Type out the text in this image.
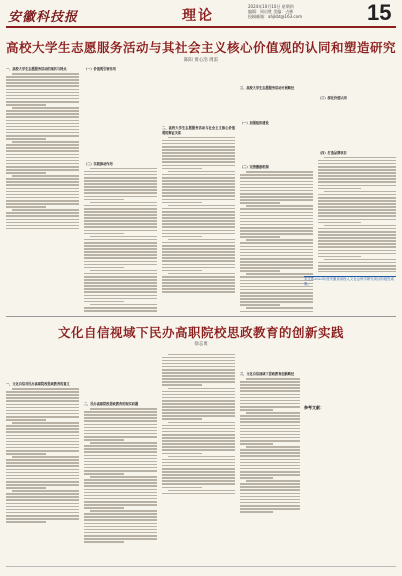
安徽科技报	理论
2024年10月10日 星期四
编辑：周启胜 美编：占彬
投稿邮箱：ahjkbt@163.com	15
高校大学生志愿服务活动与其社会主义核心价值观的认同和塑造研究
陈阳 黄心浩 周雷

一、高校大学生志愿服务活动的现状与特点	（一）价值观引领作用

（二）实践推动作用

二、高校大学生志愿服务活动与社会主义核心价值观的辩证关系

三、高校大学生志愿服务活动开展路径

（一）加强组织建设

（二）完善激励机制

（三）深化价值认同

（四）打造品牌项目

本文系2023年度安徽省高校人文社会科学研究项目阶段性成果。
文化自信视域下民办高职院校思政教育的创新实践
徐志勇

一、文化自信对民办高职院校思政教育的意义

二、民办高职院校思政教育的现实问题

三、文化自信视域下思政教育创新路径

参考文献：
